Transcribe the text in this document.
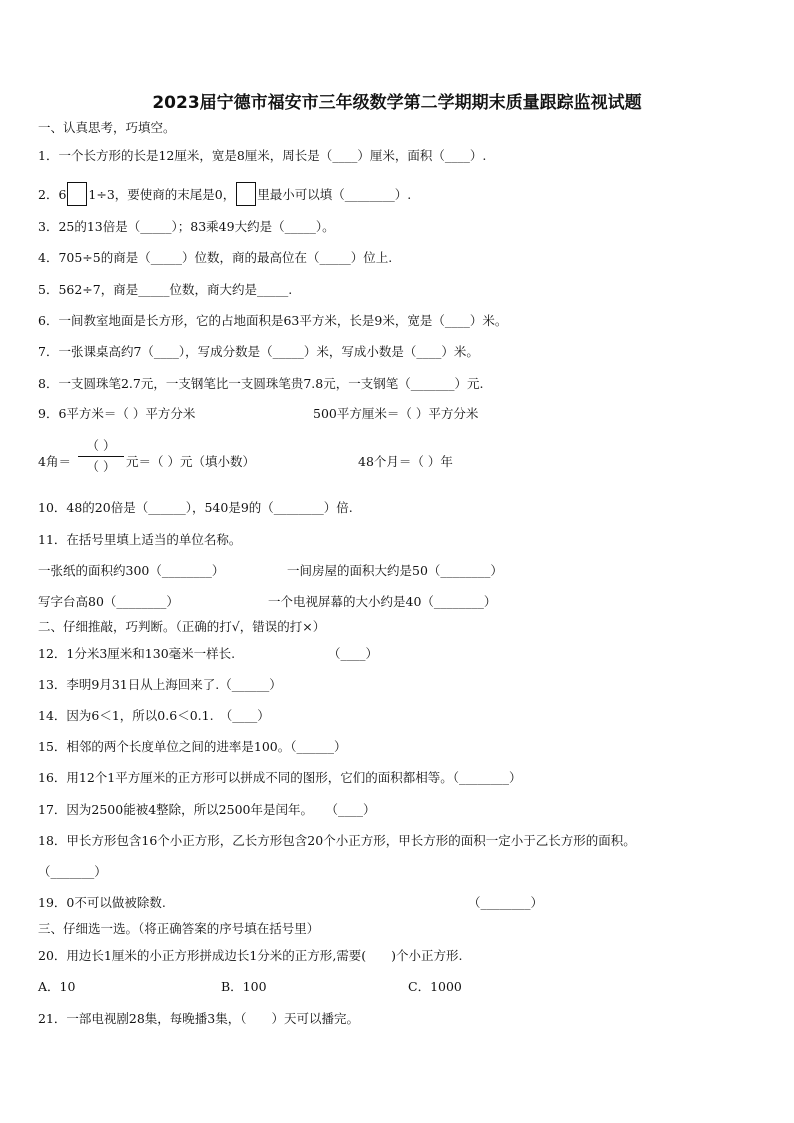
2023届宁德市福安市三年级数学第二学期期末质量跟踪监视试题
一、认真思考，巧填空。
1．一个长方形的长是12厘米，宽是8厘米，周长是（____）厘米，面积（____）.
2．6 1÷3，要使商的末尾是0， 里最小可以填（________）.
3．25的13倍是（_____）；83乘49大约是（_____）。
4．705÷5的商是（_____）位数，商的最高位在（_____）位上.
5．562÷7，商是_____位数，商大约是_____.
6．一间教室地面是长方形，它的占地面积是63平方米，长是9米，宽是（____）米。
7．一张课桌高约7（____），写成分数是（_____）米，写成小数是（____）米。
8．一支圆珠笔2.7元，一支钢笔比一支圆珠笔贵7.8元，一支钢笔（_______）元.
9．6平方米＝（ ）平方分米	500平方厘米＝（ ）平方分米
4角＝
（ ）
（ ） 元＝（ ）元（填小数）	48个月＝（ ）年
10．48的20倍是（______），540是9的（________）倍.
11．在括号里填上适当的单位名称。
一张纸的面积约300（________）	一间房屋的面积大约是50（________）
写字台高80（________）	一个电视屏幕的大小约是40（________）
二、仔细推敲，巧判断。（正确的打√，错误的打×）
12．1分米3厘米和130毫米一样长.	（____）
13．李明9月31日从上海回来了.（______）
14．因为6＜1，所以0.6＜0.1.　（____）
15．相邻的两个长度单位之间的进率是100。（______）
16．用12个1平方厘米的正方形可以拼成不同的图形，它们的面积都相等。（________）
17．因为2500能被4整除，所以2500年是闰年。　　（____）
18．甲长方形包含16个小正方形，乙长方形包含20个小正方形，甲长方形的面积一定小于乙长方形的面积。
（_______）
19．0不可以做被除数.	（________）
三、仔细选一选。（将正确答案的序号填在括号里）
20．用边长1厘米的小正方形拼成边长1分米的正方形,需要(　　)个小正方形.
A．10	B．100	C．1000
21．一部电视剧28集，每晚播3集，（　　）天可以播完。
